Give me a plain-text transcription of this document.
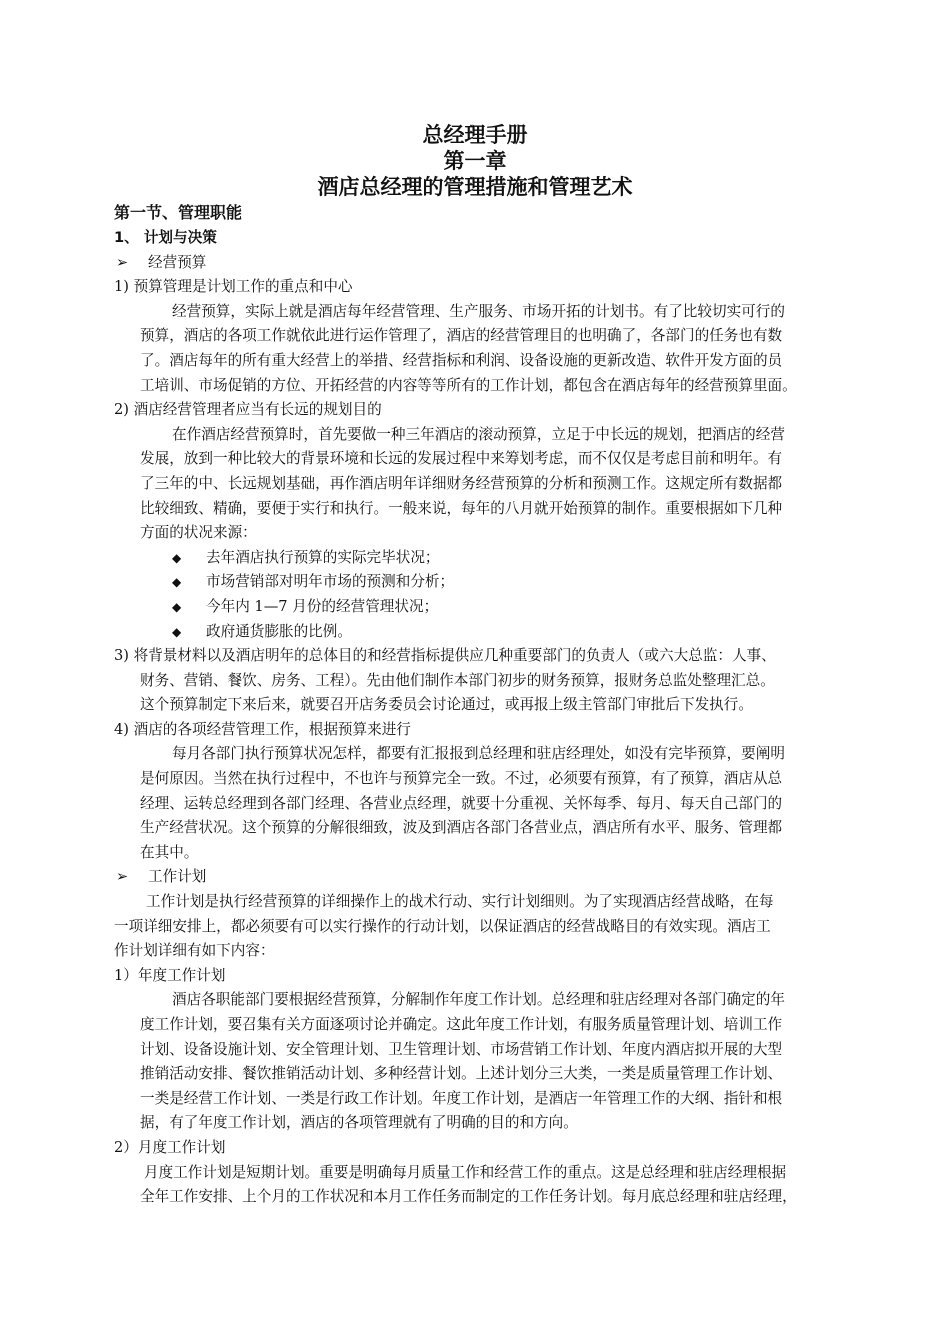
总经理手册
第一章
酒店总经理的管理措施和管理艺术
第一节、管理职能
1、 计划与决策
➢ 经营预算
1) 预算管理是计划工作的重点和中心
经营预算，实际上就是酒店每年经营管理、生产服务、市场开拓的计划书。有了比较切实可行的
预算，酒店的各项工作就依此进行运作管理了，酒店的经营管理目的也明确了，各部门的任务也有数
了。酒店每年的所有重大经营上的举措、经营指标和利润、设备设施的更新改造、软件开发方面的员
工培训、市场促销的方位、开拓经营的内容等等所有的工作计划，都包含在酒店每年的经营预算里面。
2) 酒店经营管理者应当有长远的规划目的
在作酒店经营预算时，首先要做一种三年酒店的滚动预算，立足于中长远的规划，把酒店的经营
发展，放到一种比较大的背景环境和长远的发展过程中来筹划考虑，而不仅仅是考虑目前和明年。有
了三年的中、长远规划基础，再作酒店明年详细财务经营预算的分析和预测工作。这规定所有数据都
比较细致、精确，要便于实行和执行。一般来说，每年的八月就开始预算的制作。重要根据如下几种
方面的状况来源：
◆ 去年酒店执行预算的实际完毕状况；
◆ 市场营销部对明年市场的预测和分析；
◆ 今年内 1—7 月份的经营管理状况；
◆ 政府通货膨胀的比例。
3) 将背景材料以及酒店明年的总体目的和经营指标提供应几种重要部门的负责人（或六大总监：人事、
财务、营销、餐饮、房务、工程）。先由他们制作本部门初步的财务预算，报财务总监处整理汇总。
这个预算制定下来后来，就要召开店务委员会讨论通过，或再报上级主管部门审批后下发执行。
4) 酒店的各项经营管理工作，根据预算来进行
每月各部门执行预算状况怎样，都要有汇报报到总经理和驻店经理处，如没有完毕预算，要阐明
是何原因。当然在执行过程中，不也许与预算完全一致。不过，必须要有预算，有了预算，酒店从总
经理、运转总经理到各部门经理、各营业点经理，就要十分重视、关怀每季、每月、每天自己部门的
生产经营状况。这个预算的分解很细致，波及到酒店各部门各营业点，酒店所有水平、服务、管理都
在其中。
➢ 工作计划
工作计划是执行经营预算的详细操作上的战术行动、实行计划细则。为了实现酒店经营战略，在每
一项详细安排上，都必须要有可以实行操作的行动计划，以保证酒店的经营战略目的有效实现。酒店工
作计划详细有如下内容：
1）年度工作计划
酒店各职能部门要根据经营预算，分解制作年度工作计划。总经理和驻店经理对各部门确定的年
度工作计划，要召集有关方面逐项讨论并确定。这此年度工作计划，有服务质量管理计划、培训工作
计划、设备设施计划、安全管理计划、卫生管理计划、市场营销工作计划、年度内酒店拟开展的大型
推销活动安排、餐饮推销活动计划、多种经营计划。上述计划分三大类，一类是质量管理工作计划、
一类是经营工作计划、一类是行政工作计划。年度工作计划，是酒店一年管理工作的大纲、指针和根
据，有了年度工作计划，酒店的各项管理就有了明确的目的和方向。
2）月度工作计划
月度工作计划是短期计划。重要是明确每月质量工作和经营工作的重点。这是总经理和驻店经理根据
全年工作安排、上个月的工作状况和本月工作任务而制定的工作任务计划。每月底总经理和驻店经理，
